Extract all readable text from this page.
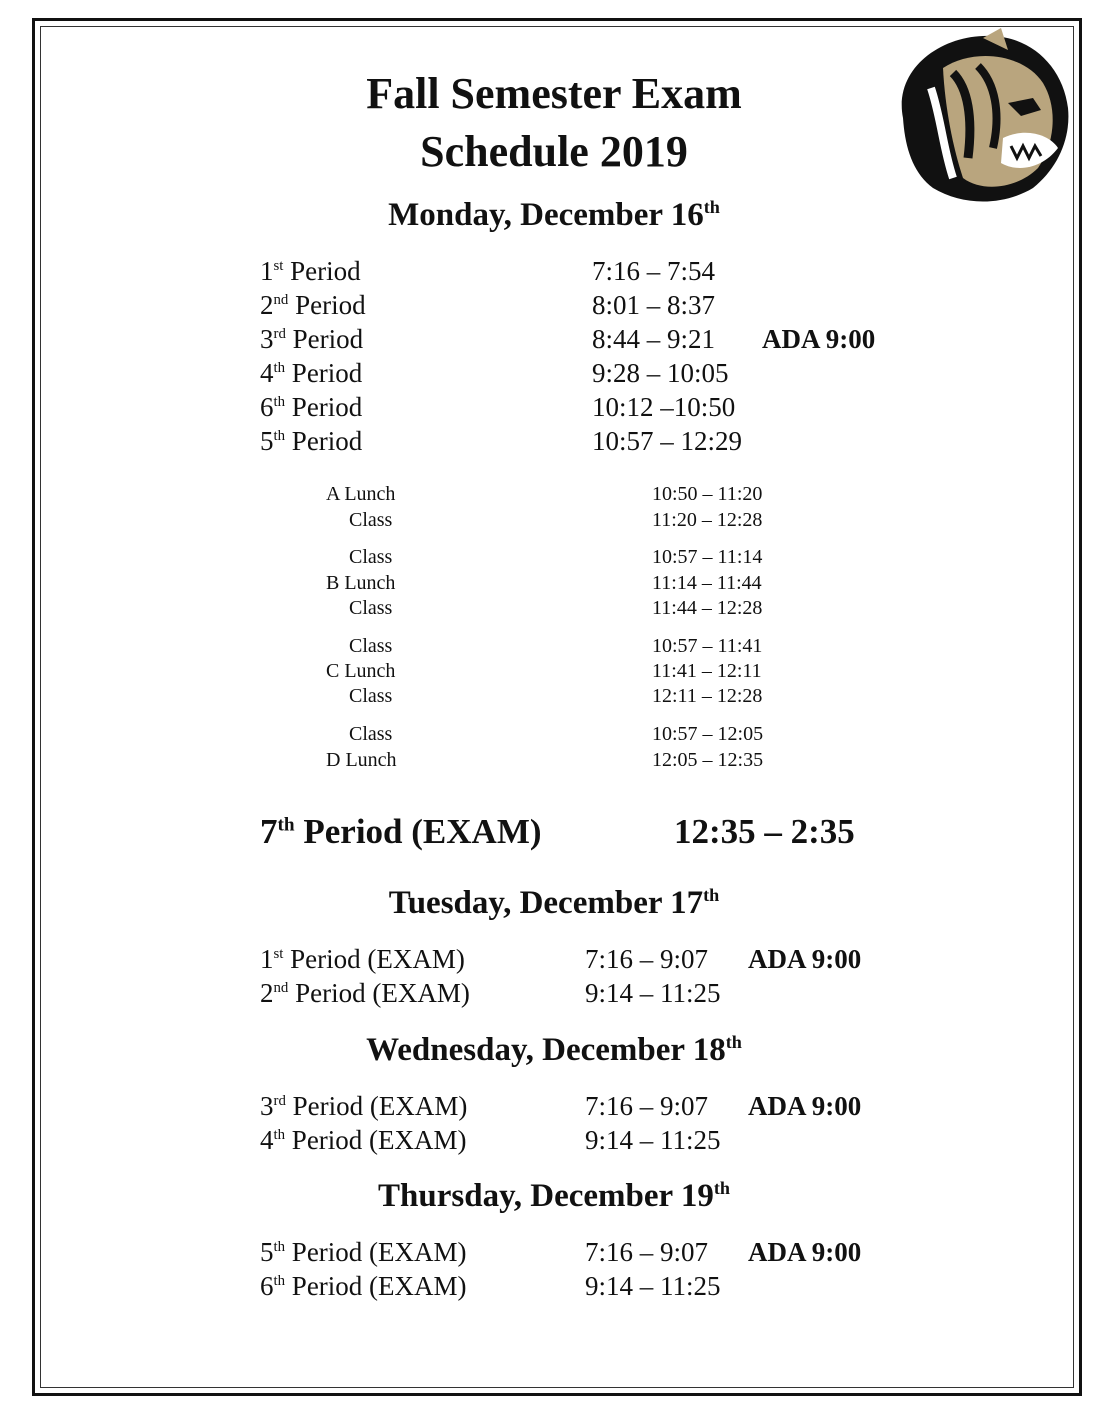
Fall Semester Exam
Schedule 2019
Monday, December 16th
1st Period	7:16 – 7:54
2nd Period	8:01 – 8:37
3rd Period	8:44 – 9:21 ADA 9:00
4th Period	9:28 – 10:05
6th Period	10:12 –10:50
5th Period	10:57 – 12:29
A Lunch	10:50 – 11:20
Class	11:20 – 12:28
Class	10:57 – 11:14
B Lunch	11:14 – 11:44
Class	11:44 – 12:28
Class	10:57 – 11:41
C Lunch	11:41 – 12:11
Class	12:11 – 12:28
Class	10:57 – 12:05
D Lunch	12:05 – 12:35
7th Period (EXAM)	12:35 – 2:35
Tuesday, December 17th
1st Period (EXAM)	7:16 – 9:07 ADA 9:00
2nd Period (EXAM)	9:14 – 11:25
Wednesday, December 18th
3rd Period (EXAM)	7:16 – 9:07 ADA 9:00
4th Period (EXAM)	9:14 – 11:25
Thursday, December 19th
5th Period (EXAM)	7:16 – 9:07 ADA 9:00
6th Period (EXAM)	9:14 – 11:25
